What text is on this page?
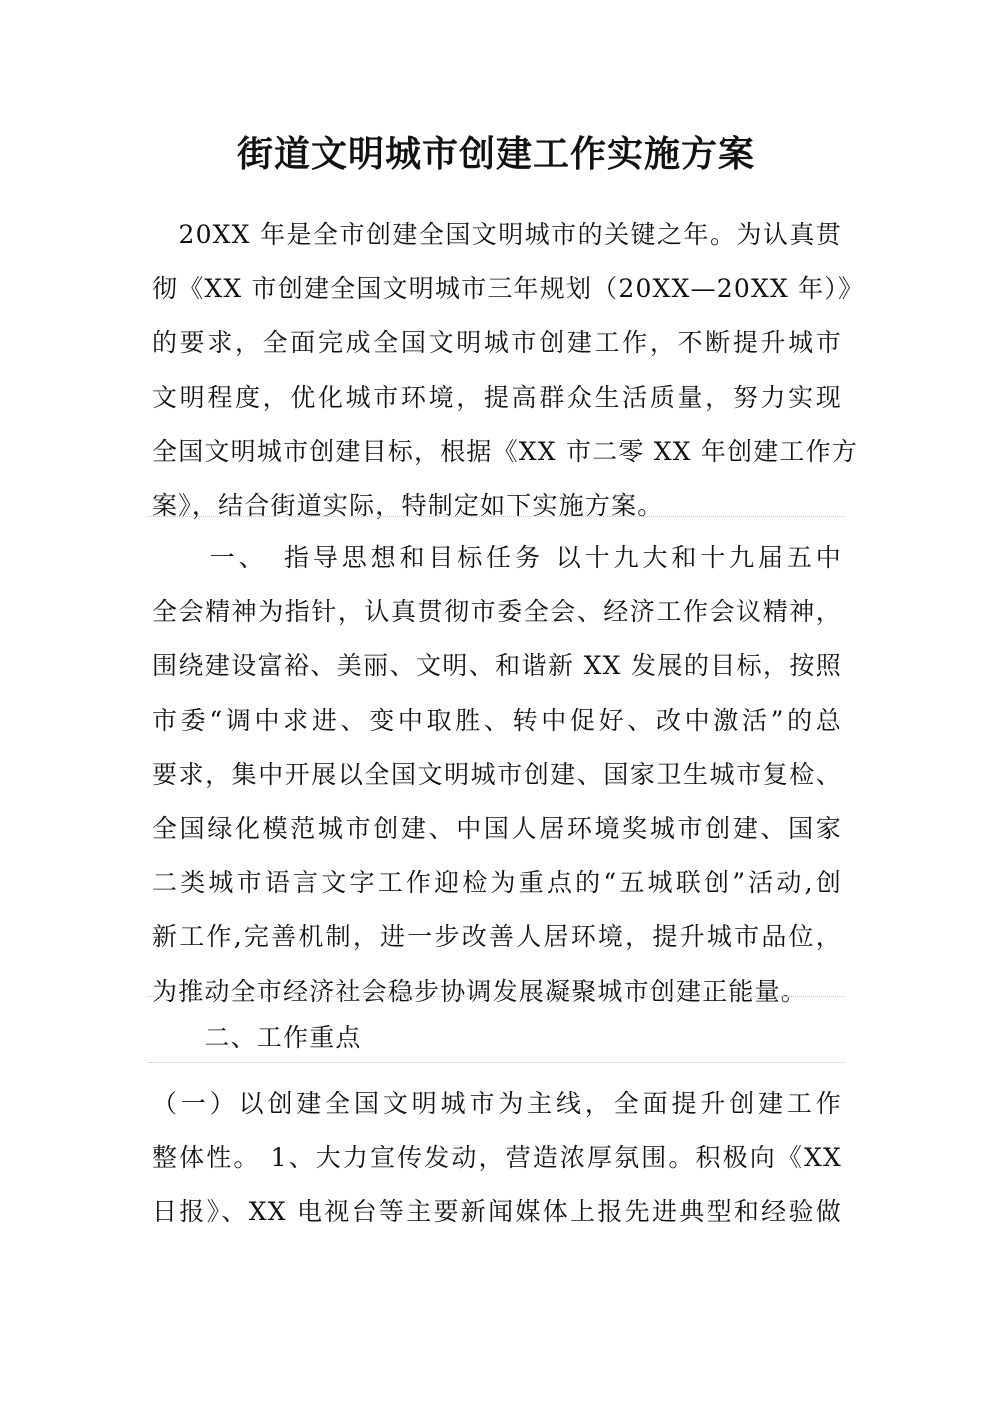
街道文明城市创建工作实施方案
　20XX 年是全市创建全国文明城市的关键之年。为认真贯
彻《XX 市创建全国文明城市三年规划（20XX—20XX 年）》
的要求，全面完成全国文明城市创建工作，不断提升城市
文明程度，优化城市环境，提高群众生活质量，努力实现
全国文明城市创建目标，根据《XX 市二零 XX 年创建工作方
案》，结合街道实际，特制定如下实施方案。
　　一、　指导思想和目标任务 以十九大和十九届五中
全会精神为指针，认真贯彻市委全会、经济工作会议精神，
围绕建设富裕、美丽、文明、和谐新 XX 发展的目标，按照
市委“调中求进、变中取胜、转中促好、改中激活”的总
要求，集中开展以全国文明城市创建、国家卫生城市复检、
全国绿化模范城市创建、中国人居环境奖城市创建、国家
二类城市语言文字工作迎检为重点的“五城联创”活动,创
新工作,完善机制，进一步改善人居环境，提升城市品位，
为推动全市经济社会稳步协调发展凝聚城市创建正能量。
　　二、工作重点
（一）以创建全国文明城市为主线，全面提升创建工作
整体性。 1、大力宣传发动，营造浓厚氛围。积极向《XX
日报》、XX 电视台等主要新闻媒体上报先进典型和经验做
